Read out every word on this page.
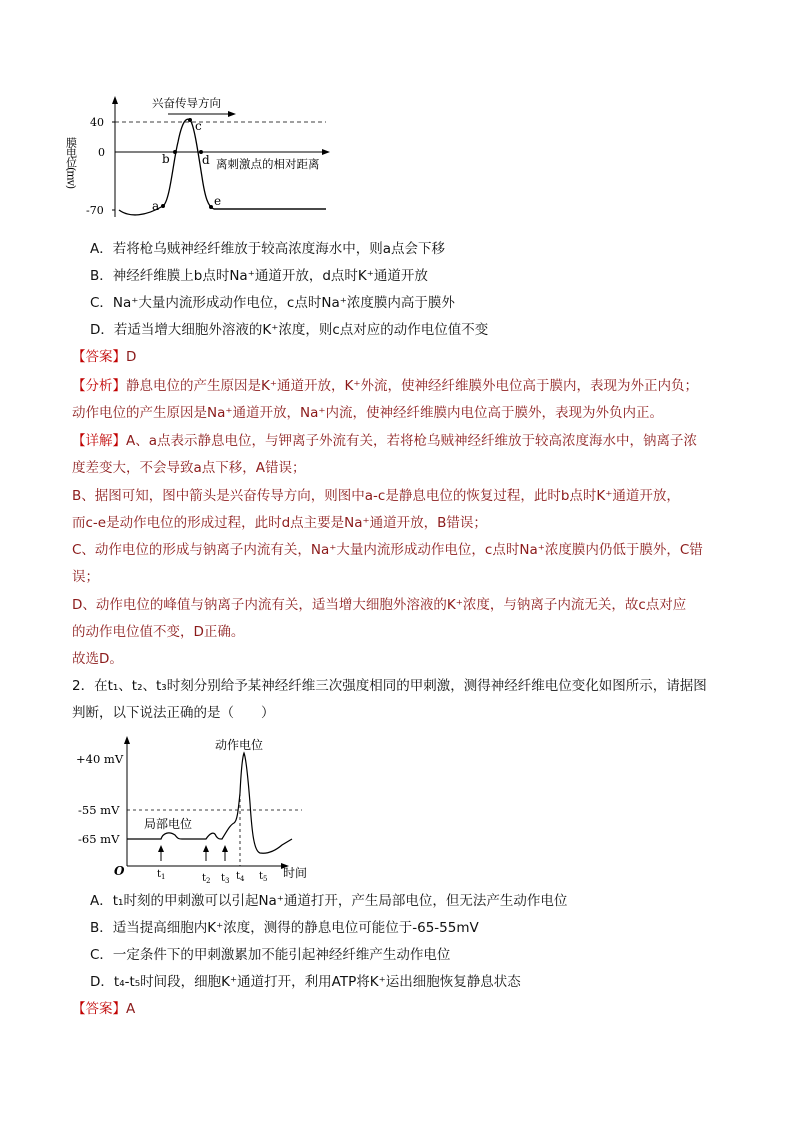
40
0
-70
膜电位(mv)
a
b
c
d
e
兴奋传导方向
离刺激点的相对距离
A．若将枪乌贼神经纤维放于较高浓度海水中，则a点会下移
B．神经纤维膜上b点时Na⁺通道开放，d点时K⁺通道开放
C．Na⁺大量内流形成动作电位，c点时Na⁺浓度膜内高于膜外
D．若适当增大细胞外溶液的K⁺浓度，则c点对应的动作电位值不变
【答案】D
【分析】静息电位的产生原因是K⁺通道开放，K⁺外流，使神经纤维膜外电位高于膜内，表现为外正内负；
动作电位的产生原因是Na⁺通道开放，Na⁺内流，使神经纤维膜内电位高于膜外，表现为外负内正。
【详解】A、a点表示静息电位，与钾离子外流有关，若将枪乌贼神经纤维放于较高浓度海水中，钠离子浓
度差变大，不会导致a点下移，A错误；
B、据图可知，图中箭头是兴奋传导方向，则图中a-c是静息电位的恢复过程，此时b点时K⁺通道开放，
而c-e是动作电位的形成过程，此时d点主要是Na⁺通道开放，B错误；
C、动作电位的形成与钠离子内流有关，Na⁺大量内流形成动作电位，c点时Na⁺浓度膜内仍低于膜外，C错
误；
D、动作电位的峰值与钠离子内流有关，适当增大细胞外溶液的K⁺浓度，与钠离子内流无关，故c点对应
的动作电位值不变，D正确。
故选D。
2．在t₁、t₂、t₃时刻分别给予某神经纤维三次强度相同的甲刺激，测得神经纤维电位变化如图所示，请据图
判断，以下说法正确的是（　　）
+40 mV
-55 mV
-65 mV
O	时间
动作电位
局部电位
$t_1$	$t_2$ $t_3$ $t_4$ $t_5$
A．t₁时刻的甲刺激可以引起Na⁺通道打开，产生局部电位，但无法产生动作电位
B．适当提高细胞内K⁺浓度，测得的静息电位可能位于-65-55mV
C．一定条件下的甲刺激累加不能引起神经纤维产生动作电位
D．t₄-t₅时间段，细胞K⁺通道打开，利用ATP将K⁺运出细胞恢复静息状态
【答案】A
